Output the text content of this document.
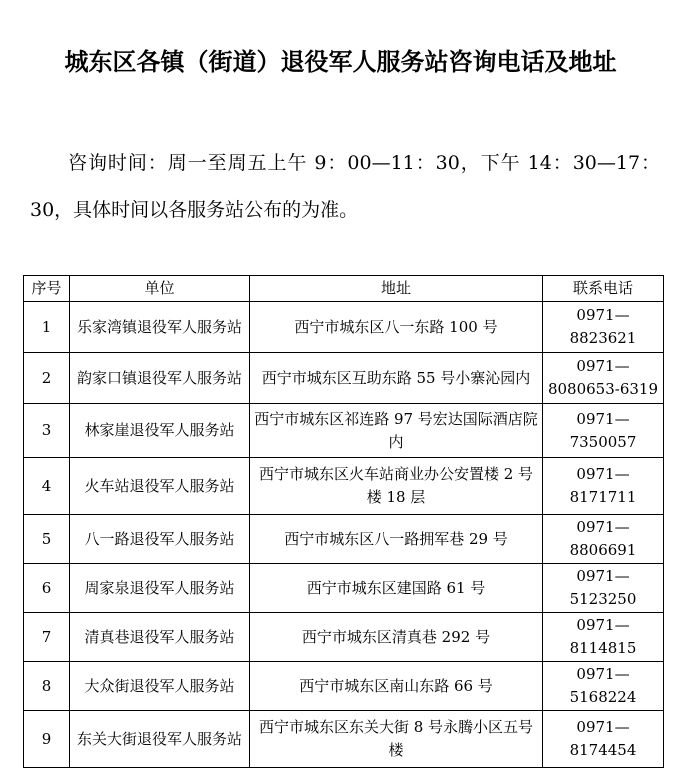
城东区各镇（街道）退役军人服务站咨询电话及地址

咨询时间：周一至周五上午 9：00—11：30，下午 14：30—17：30，具体时间以各服务站公布的为准。

序号	单位	地址	联系电话
1	乐家湾镇退役军人服务站	西宁市城东区八一东路 100 号	0971—8823621
2	韵家口镇退役军人服务站	西宁市城东区互助东路 55 号小寨沁园内	0971—8080653-6319
3	林家崖退役军人服务站	西宁市城东区祁连路 97 号宏达国际酒店院内	0971—7350057
4	火车站退役军人服务站	西宁市城东区火车站商业办公安置楼 2 号楼 18 层	0971—8171711
5	八一路退役军人服务站	西宁市城东区八一路拥军巷 29 号	0971—8806691
6	周家泉退役军人服务站	西宁市城东区建国路 61 号	0971—5123250
7	清真巷退役军人服务站	西宁市城东区清真巷 292 号	0971—8114815
8	大众街退役军人服务站	西宁市城东区南山东路 66 号	0971—5168224
9	东关大街退役军人服务站	西宁市城东区东关大街 8 号永腾小区五号楼	0971—8174454
